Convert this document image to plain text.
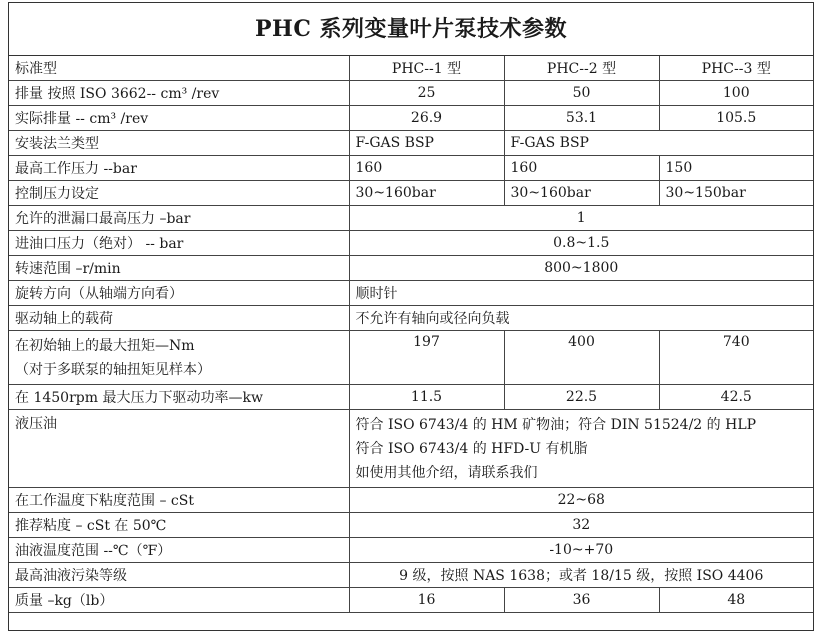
PHC 系列变量叶片泵技术参数
标准型	PHC--1 型	PHC--2 型	PHC--3 型
排量 按照 ISO 3662-- cm³ /rev	25	50	100
实际排量 -- cm³ /rev	26.9	53.1	105.5
安装法兰类型	F-GAS BSP	F-GAS BSP	
最高工作压力 --bar	160	160	150
控制压力设定	30~160bar	30~160bar	30~150bar
允许的泄漏口最高压力 –bar	1		
进油口压力（绝对） -- bar	0.8~1.5		
转速范围 –r/min	800~1800		
旋转方向（从轴端方向看）	顺时针		
驱动轴上的载荷	不允许有轴向或径向负载		

在初始轴上的最大扭矩—Nm
（对于多联泵的轴扭矩见样本）	197	400	740
在 1450rpm 最大压力下驱动功率—kw	11.5	22.5	42.5
液压油	符合 ISO 6743/4 的 HM 矿物油；符合 DIN 51524/2 的 HLP
符合 ISO 6743/4 的 HFD-U 有机脂
如使用其他介绍，请联系我们		

在工作温度下粘度范围 – cSt	22~68		
推荐粘度 – cSt 在 50℃	32		
油液温度范围 --℃（℉）	-10~+70		
最高油液污染等级	9 级，按照 NAS 1638；或者 18/15 级，按照 ISO 4406		
质量 –kg（lb）	16	36	48
